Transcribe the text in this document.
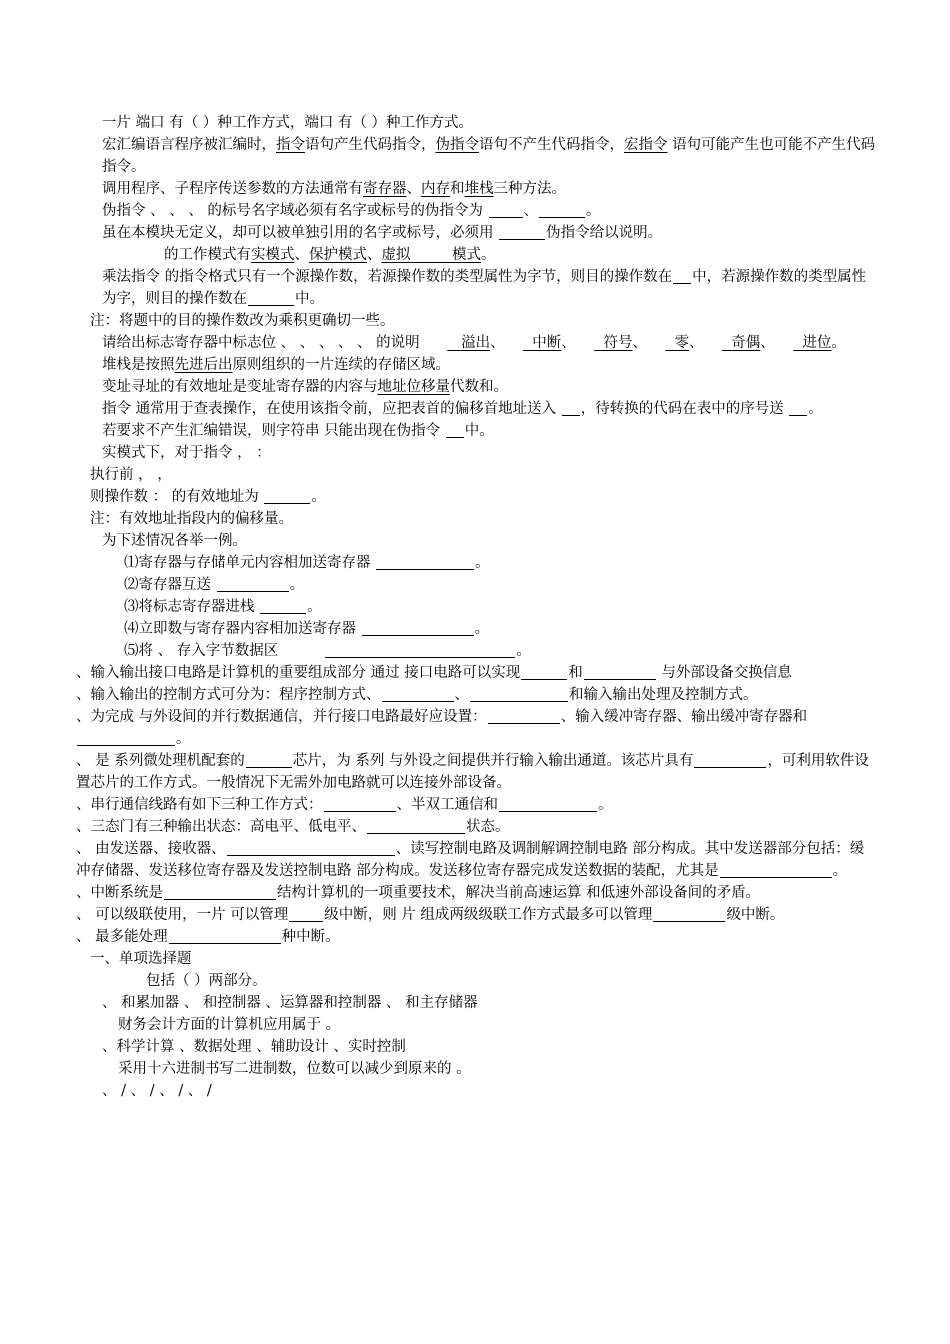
一片 端口 有（ ）种工作方式，端口 有（ ）种工作方式。

宏汇编语言程序被汇编时，指令语句产生代码指令，伪指令语句不产生代码指令，宏指令 语句可能产生也可能不产生代码指令。

调用程序、子程序传送参数的方法通常有寄存器、内存和堆栈三种方法。

伪指令 、 、 、 的标号名字域必须有名字或标号的伪指令为	、	。

虽在本模块无定义，却可以被单独引用的名字或标号，必须用	伪指令给以说明。

的工作模式有实模式、保护模式、虚拟	模式。

乘法指令 的指令格式只有一个源操作数，若源操作数的类型属性为字节，则目的操作数在 中，若源操作数的类型属性为字，则目的操作数在	中。

注：将题中的目的操作数改为乘积更确切一些。

请给出标志寄存器中标志位 、 、 、 、 、 的说明	溢出、 中断、 符号、 零、 奇偶、 进位。

堆栈是按照先进后出原则组织的一片连续的存储区域。

变址寻址的有效地址是变址寄存器的内容与地址位移量代数和。

指令 通常用于查表操作，在使用该指令前，应把表首的偏移首地址送入 ，待转换的代码在表中的序号送 。

若要求不产生汇编错误，则字符串 只能出现在伪指令 中。

实模式下，对于指令 ， ：

执行前 ， ，

则操作数 ： 的有效地址为	。

注：有效地址指段内的偏移量。

为下述情况各举一例。

⑴寄存器与存储单元内容相加送寄存器	。

⑵寄存器互送	。

⑶将标志寄存器进栈	。

⑷立即数与寄存器内容相加送寄存器	。

⑸将 、 存入字节数据区	。

、输入输出接口电路是计算机的重要组成部分 通过 接口电路可以实现	和	与外部设备交换信息

、输入输出的控制方式可分为：程序控制方式、	、	和输入输出处理及控制方式。

、为完成 与外设间的并行数据通信，并行接口电路最好应设置：	、输入缓冲寄存器、输出缓冲寄存器和。

、 是 系列微处理机配套的	芯片，为 系列 与外设之间提供并行输入输出通道。该芯片具有	，可利用软件设置芯片的工作方式。一般情况下无需外加电路就可以连接外部设备。

、串行通信线路有如下三种工作方式：	、半双工通信和	。

、三态门有三种输出状态：高电平、低电平、	状态。

、 由发送器、接收器、	、读写控制电路及调制解调控制电路 部分构成。其中发送器部分包括：缓冲存储器、发送移位寄存器及发送控制电路 部分构成。发送移位寄存器完成发送数据的装配，尤其是	。

、中断系统是	结构计算机的一项重要技术，解决当前高速运算 和低速外部设备间的矛盾。

、 可以级联使用，一片 可以管理 级中断，则 片 组成两级级联工作方式最多可以管理	级中断。

、 最多能处理	种中断。

一、单项选择题

包括（ ）两部分。

、 和累加器 、 和控制器 、运算器和控制器 、 和主存储器

财务会计方面的计算机应用属于 。

、科学计算 、数据处理 、辅助设计 、实时控制

采用十六进制书写二进制数，位数可以减少到原来的 。

、 / 、 / 、 / 、 /
